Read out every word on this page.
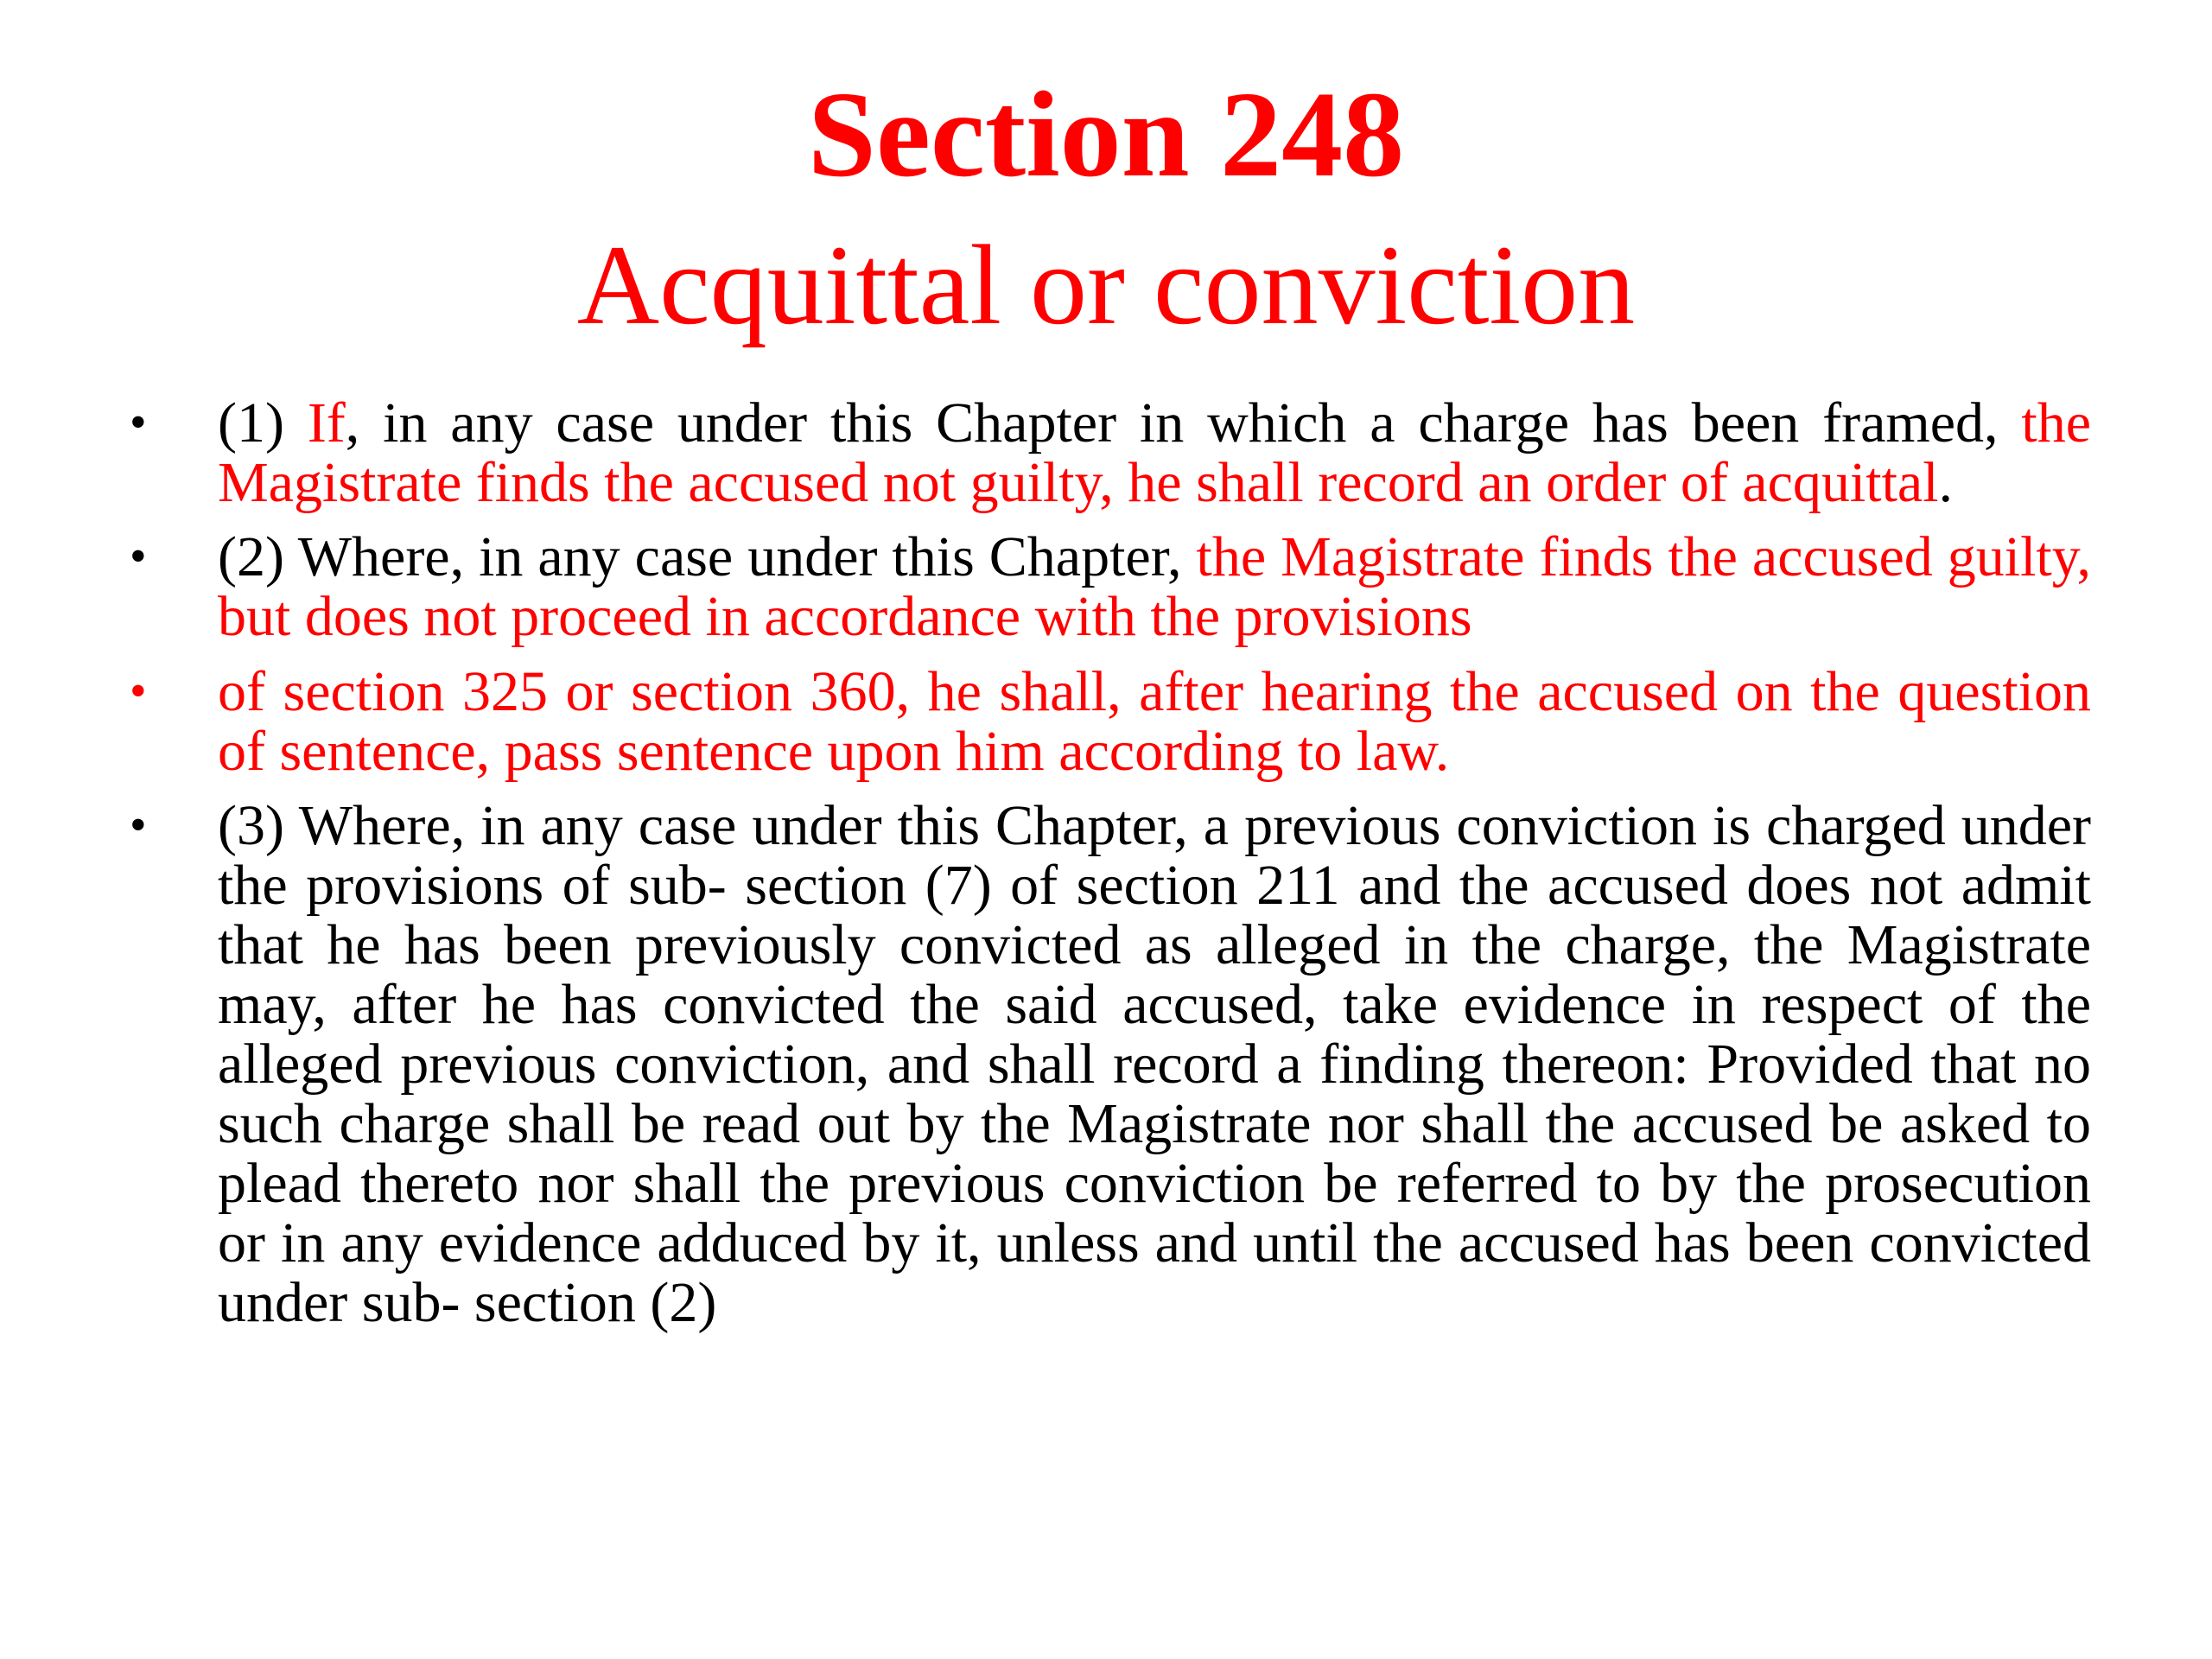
Section 248
Acquittal or conviction
• (1) If, in any case under this Chapter in which a charge has been framed, the Magistrate finds the accused not guilty, he shall record an order of acquittal.
• (2) Where, in any case under this Chapter, the Magistrate finds the accused guilty, but does not proceed in accordance with the provisions
• of section 325 or section 360, he shall, after hearing the accused on the question of sentence, pass sentence upon him according to law.
• (3) Where, in any case under this Chapter, a previous conviction is charged under the provisions of sub- section (7) of section 211 and the accused does not admit that he has been previously convicted as alleged in the charge, the Magistrate may, after he has convicted the said accused, take evidence in respect of the alleged previous conviction, and shall record a finding thereon: Provided that no such charge shall be read out by the Magistrate nor shall the accused be asked to plead thereto nor shall the previous conviction be referred to by the prosecution or in any evidence adduced by it, unless and until the accused has been convicted under sub- section (2)
